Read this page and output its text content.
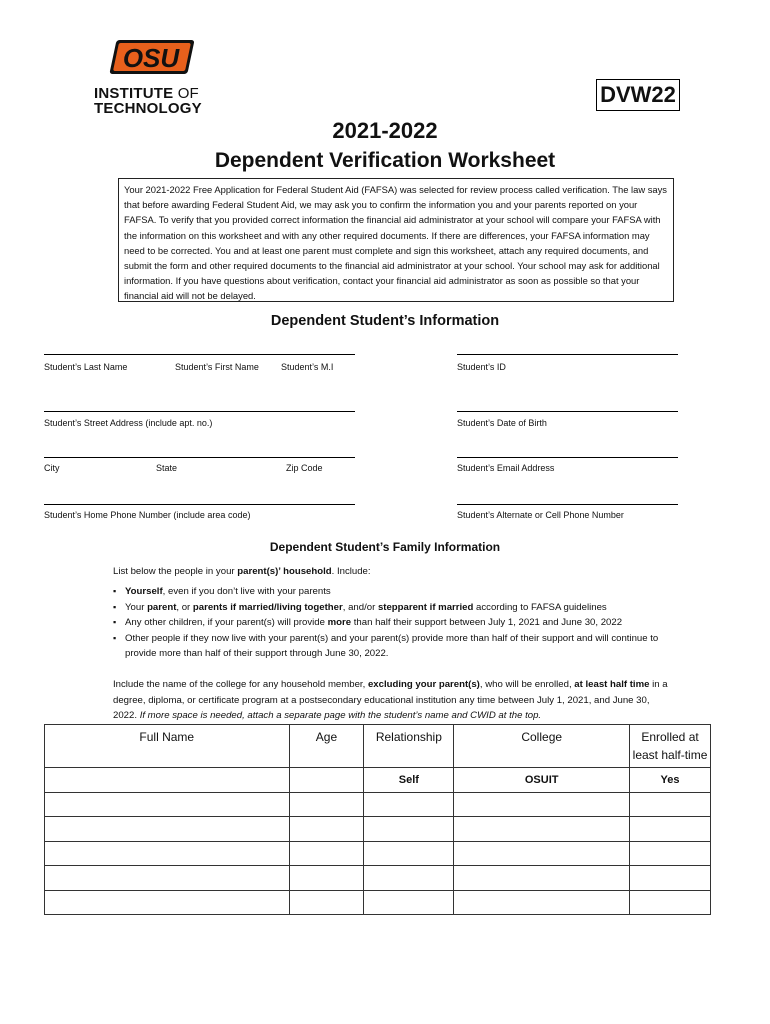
OSU
INSTITUTE OF
TECHNOLOGY
DVW22
2021-2022
Dependent Verification Worksheet
Your 2021-2022 Free Application for Federal Student Aid (FAFSA) was selected for review process called verification. The law says that before awarding Federal Student Aid, we may ask you to confirm the information you and your parents reported on your FAFSA. To verify that you provided correct information the financial aid administrator at your school will compare your FAFSA with the information on this worksheet and with any other required documents. If there are differences, your FAFSA information may need to be corrected. You and at least one parent must complete and sign this worksheet, attach any required documents, and submit the form and other required documents to the financial aid administrator at your school. Your school may ask for additional information. If you have questions about verification, contact your financial aid administrator as soon as possible so that your financial aid will not be delayed.
Dependent Student’s Information
Student’s Last Name	Student’s First Name Student’s M.I	Student’s ID
Student’s Street Address (include apt. no.)	Student’s Date of Birth
City	State	Zip Code	Student’s Email Address
Student’s Home Phone Number (include area code)	Student’s Alternate or Cell Phone Number
Dependent Student’s Family Information
List below the people in your parent(s)’ household. Include:
▪ Yourself, even if you don’t live with your parents
▪ Your parent, or parents if married/living together, and/or stepparent if married according to FAFSA guidelines
▪ Any other children, if your parent(s) will provide more than half their support between July 1, 2021 and June 30, 2022
▪ Other people if they now live with your parent(s) and your parent(s) provide more than half of their support and will continue to provide more than half of their support through June 30, 2022.
Include the name of the college for any household member, excluding your parent(s), who will be enrolled, at least half time in a degree, diploma, or certificate program at a postsecondary educational institution any time between July 1, 2021, and June 30, 2022. If more space is needed, attach a separate page with the student’s name and CWID at the top.
Full Name	Age	Relationship	College	Enrolled at
least half-time
		Self	OSUIT	Yes
